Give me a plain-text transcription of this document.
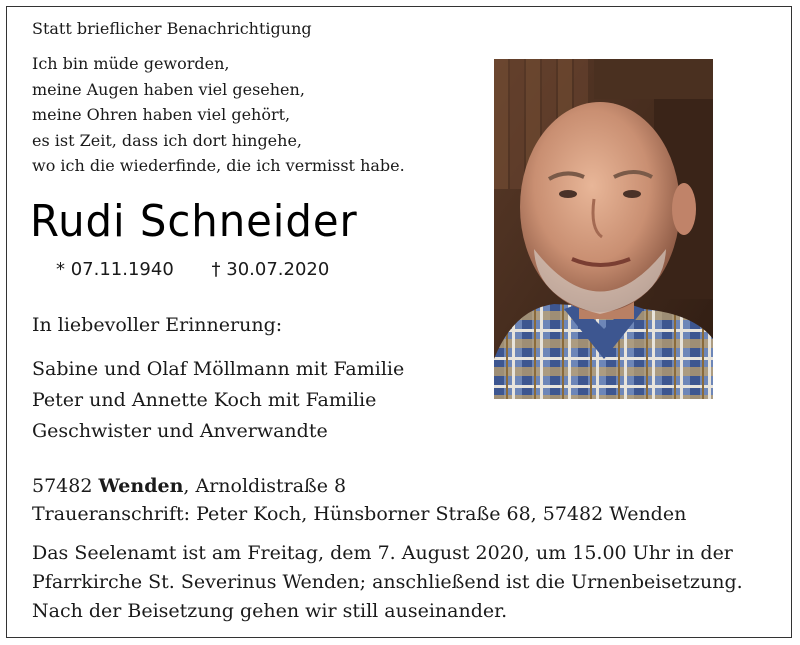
Statt brieflicher Benachrichtigung

Ich bin müde geworden,
meine Augen haben viel gesehen,
meine Ohren haben viel gehört,
es ist Zeit, dass ich dort hingehe,
wo ich die wiederfinde, die ich vermisst habe.
Rudi Schneider
* 07.11.1940 † 30.07.2020

In liebevoller Erinnerung:

Sabine und Olaf Möllmann mit Familie
Peter und Annette Koch mit Familie
Geschwister und Anverwandte
57482 Wenden, Arnoldistraße 8
Traueranschrift: Peter Koch, Hünsborner Straße 68, 57482 Wenden
Das Seelenamt ist am Freitag, dem 7. August 2020, um 15.00 Uhr in der
Pfarrkirche St. Severinus Wenden; anschließend ist die Urnenbeisetzung.
Nach der Beisetzung gehen wir still auseinander.
